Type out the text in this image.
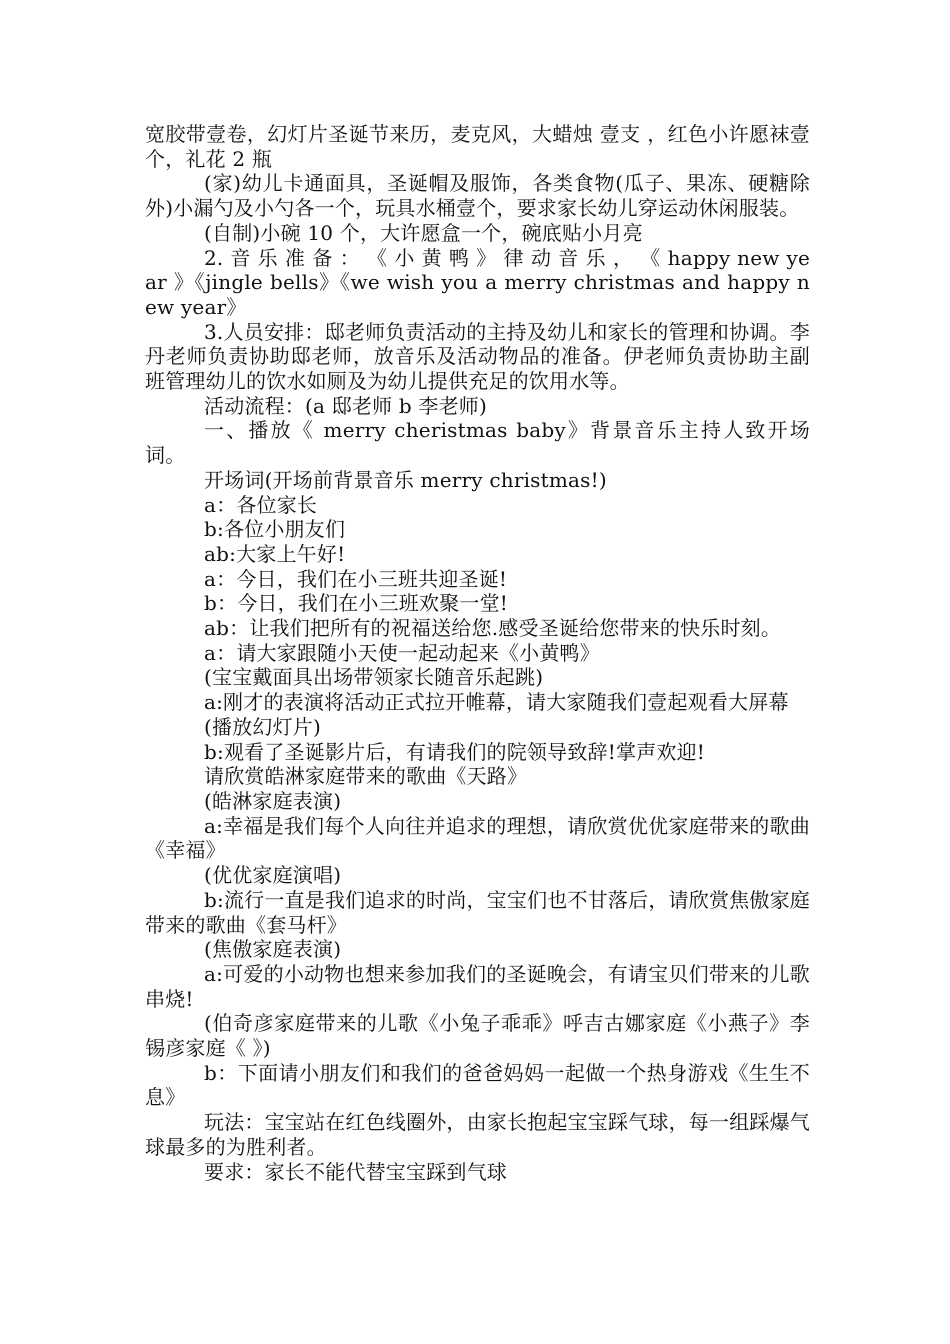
宽胶带壹卷，幻灯片圣诞节来历，麦克风，大蜡烛 壹支 ，红色小许愿袜壹个，礼花 2 瓶

(家)幼儿卡通面具，圣诞帽及服饰，各类食物(瓜子、果冻、硬糖除外)小漏勺及小勺各一个，玩具水桶壹个，要求家长幼儿穿运动休闲服装。

(自制)小碗 10 个，大许愿盒一个，碗底贴小月亮

2. 音 乐 准 备 ： 《 小 黄 鸭 》 律 动 音 乐 ， 《 happy new year 》《jingle bells》《we wish you a merry christmas and happy new year》

3.人员安排：邸老师负责活动的主持及幼儿和家长的管理和协调。李丹老师负责协助邸老师，放音乐及活动物品的准备。伊老师负责协助主副班管理幼儿的饮水如厕及为幼儿提供充足的饮用水等。

活动流程：(a 邸老师 b 李老师)

一、播放《 merry cheristmas baby》背景音乐主持人致开场词。

开场词(开场前背景音乐 merry christmas!)

a：各位家长

b:各位小朋友们

ab:大家上午好!

a：今日，我们在小三班共迎圣诞!

b：今日，我们在小三班欢聚一堂!

ab：让我们把所有的祝福送给您.感受圣诞给您带来的快乐时刻。

a：请大家跟随小天使一起动起来《小黄鸭》

(宝宝戴面具出场带领家长随音乐起跳)

a:刚才的表演将活动正式拉开帷幕，请大家随我们壹起观看大屏幕

(播放幻灯片)

b:观看了圣诞影片后，有请我们的院领导致辞!掌声欢迎!

请欣赏皓淋家庭带来的歌曲《天路》

(皓淋家庭表演)

a:幸福是我们每个人向往并追求的理想，请欣赏优优家庭带来的歌曲《幸福》

(优优家庭演唱)

b:流行一直是我们追求的时尚，宝宝们也不甘落后，请欣赏焦傲家庭带来的歌曲《套马杆》

(焦傲家庭表演)

a:可爱的小动物也想来参加我们的圣诞晚会，有请宝贝们带来的儿歌串烧!

(伯奇彦家庭带来的儿歌《小兔子乖乖》呼吉古娜家庭《小燕子》李锡彦家庭《 》)

b：下面请小朋友们和我们的爸爸妈妈一起做一个热身游戏《生生不息》

玩法：宝宝站在红色线圈外，由家长抱起宝宝踩气球，每一组踩爆气球最多的为胜利者。

要求：家长不能代替宝宝踩到气球
